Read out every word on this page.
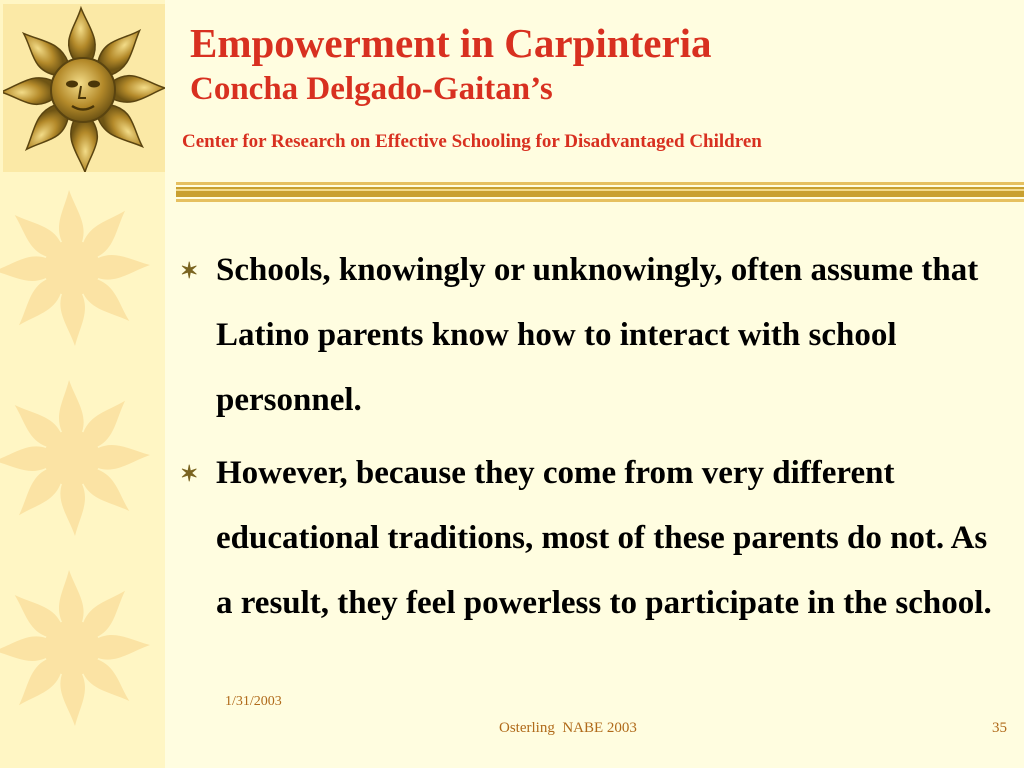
Empowerment in Carpinteria
Concha Delgado-Gaitan’s
Center for Research on Effective Schooling for Disadvantaged Children
✶ Schools, knowingly or unknowingly, often assume that Latino parents know how to interact with school personnel.
✶ However, because they come from very different educational traditions, most of these parents do not. As a result, they feel powerless to participate in the school.
1/31/2003
Osterling  NABE 2003	35
